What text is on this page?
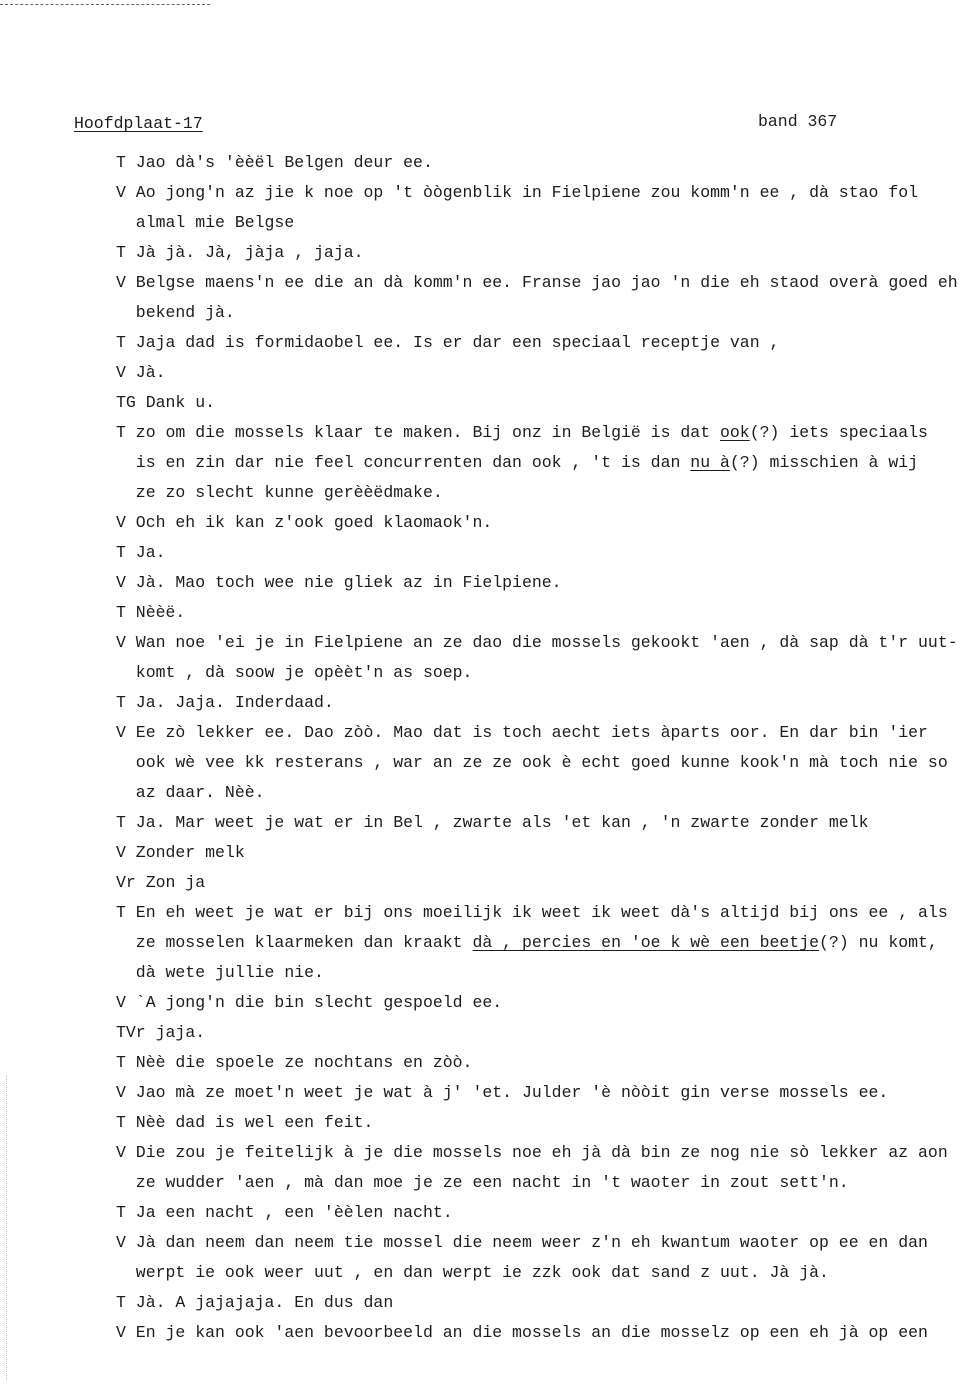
Hoofdplaat-17	band 367
T Jao dà's 'èèël Belgen deur ee.
V Ao jong'n az jie k noe op 't òògenblik in Fielpiene zou komm'n ee , dà stao fol
almal mie Belgse
T Jà jà. Jà, jàja , jaja.
V Belgse maens'n ee die an dà komm'n ee. Franse jao jao 'n die eh staod overà goed eh
bekend jà.
T Jaja dad is formidaobel ee. Is er dar een speciaal receptje van ,
V Jà.
TG Dank u.
T zo om die mossels klaar te maken. Bij onz in België is dat ook(?) iets speciaals
is en zin dar nie feel concurrenten dan ook , 't is dan nu à(?) misschien à wij
ze zo slecht kunne gerèèëdmake.
V Och eh ik kan z'ook goed klaomaok'n.
T Ja.
V Jà. Mao toch wee nie gliek az in Fielpiene.
T Nèèë.
V Wan noe 'ei je in Fielpiene an ze dao die mossels gekookt 'aen , dà sap dà t'r uut-
komt , dà soow je opèèt'n as soep.
T Ja. Jaja. Inderdaad.
V Ee zò lekker ee. Dao zòò. Mao dat is toch aecht iets àparts oor. En dar bin 'ier
ook wè vee kk resterans , war an ze ze ook è echt goed kunne kook'n mà toch nie so
az daar. Nèè.
T Ja. Mar weet je wat er in Bel , zwarte als 'et kan , 'n zwarte zonder melk
V Zonder melk
Vr Zon ja
T En eh weet je wat er bij ons moeilijk ik weet ik weet dà's altijd bij ons ee , als
ze mosselen klaarmeken dan kraakt dà , percies en 'oe k wè een beetje(?) nu komt,
dà wete jullie nie.
V `A jong'n die bin slecht gespoeld ee.
TVr jaja.
T Nèè die spoele ze nochtans en zòò.
V Jao mà ze moet'n weet je wat à j' 'et. Julder 'è nòòit gin verse mossels ee.
T Nèè dad is wel een feit.
V Die zou je feitelijk à je die mossels noe eh jà dà bin ze nog nie sò lekker az aon
ze wudder 'aen , mà dan moe je ze een nacht in 't waoter in zout sett'n.
T Ja een nacht , een 'èèlen nacht.
V Jà dan neem dan neem tie mossel die neem weer z'n eh kwantum waoter op ee en dan
werpt ie ook weer uut , en dan werpt ie zzk ook dat sand z uut. Jà jà.
T Jà. A jajajaja. En dus dan
V En je kan ook 'aen bevoorbeeld an die mossels an die mosselz op een eh jà op een
